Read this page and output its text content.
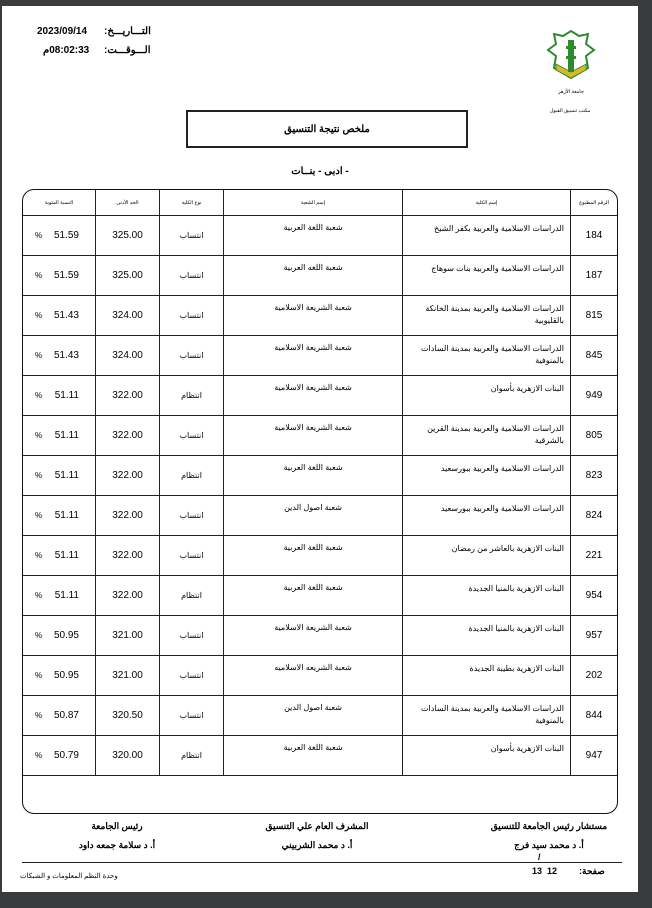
2023/09/14 التـــاريـــخ:
08:02:33م الـــوقـــت:
جامعة الأزهر
مكتب تنسيق القبول
ملخص نتيجة التنسيق
- ادبى - بنــات
الرقم المطبوع
إسم الكلية
إسم الشعبة
نوع الكلية
الحد الأدنى
النسبة المئوية
184
الدراسات الاسلامية والعربية بكفر الشيخ
شعبة اللغة العربية
انتساب
325.00
% 51.59
187
الدراسات الاسلامية والعربية بنات سوهاج
شعبة اللغه العربية
انتساب
325.00
% 51.59
815
الدراسات الاسلامية والعربية بمدينة الخانكة بالقليوبية
شعبة الشريعة الاسلامية
انتساب
324.00
% 51.43
845
الدراسات الاسلامية والعربية بمدينة السادات بالمنوفية
شعبة الشريعة الاسلامية
انتساب
324.00
% 51.43
949
البنات الازهرية بأسوان
شعبة الشريعة الاسلامية
انتظام
322.00
% 51.11
805
الدراسات الاسلامية والعربية بمدينة القرين بالشرقية
شعبة الشريعة الاسلامية
انتساب
322.00
% 51.11
823
الدراسات الاسلامية والعربية ببورسعيد
شعبة اللغة العربية
انتظام
322.00
% 51.11
824
الدراسات الاسلامية والعربية ببورسعيد
شعبة اصول الدين
انتساب
322.00
% 51.11
221
البنات الازهرية بالعاشر من رمضان
شعبة اللغة العربية
انتساب
322.00
% 51.11
954
البنات الازهرية بالمنيا الجديدة
شعبة اللغة العربية
انتظام
322.00
% 51.11
957
البنات الازهرية بالمنيا الجديدة
شعبة الشريعة الاسلامية
انتساب
321.00
% 50.95
202
البنات الازهرية بطيبة الجديدة
شعبة الشريعه الاسلاميه
انتساب
321.00
% 50.95
844
الدراسات الاسلامية والعربية بمدينة السادات بالمنوفية
شعبة اصول الدين
انتساب
320.50
% 50.87
947
البنات الازهرية بأسوان
شعبة اللغة العربية
انتظام
320.00
% 50.79
مستشار رئيس الجامعة للتنسيق
أ. د محمد سيد فرج
/
المشرف العام علي التنسيق
أ. د محمد الشربيني
رئيس الجامعة
أ. د سلامة جمعه داود
صفحة:
13 12
وحدة النظم المعلومات و الشبكات
